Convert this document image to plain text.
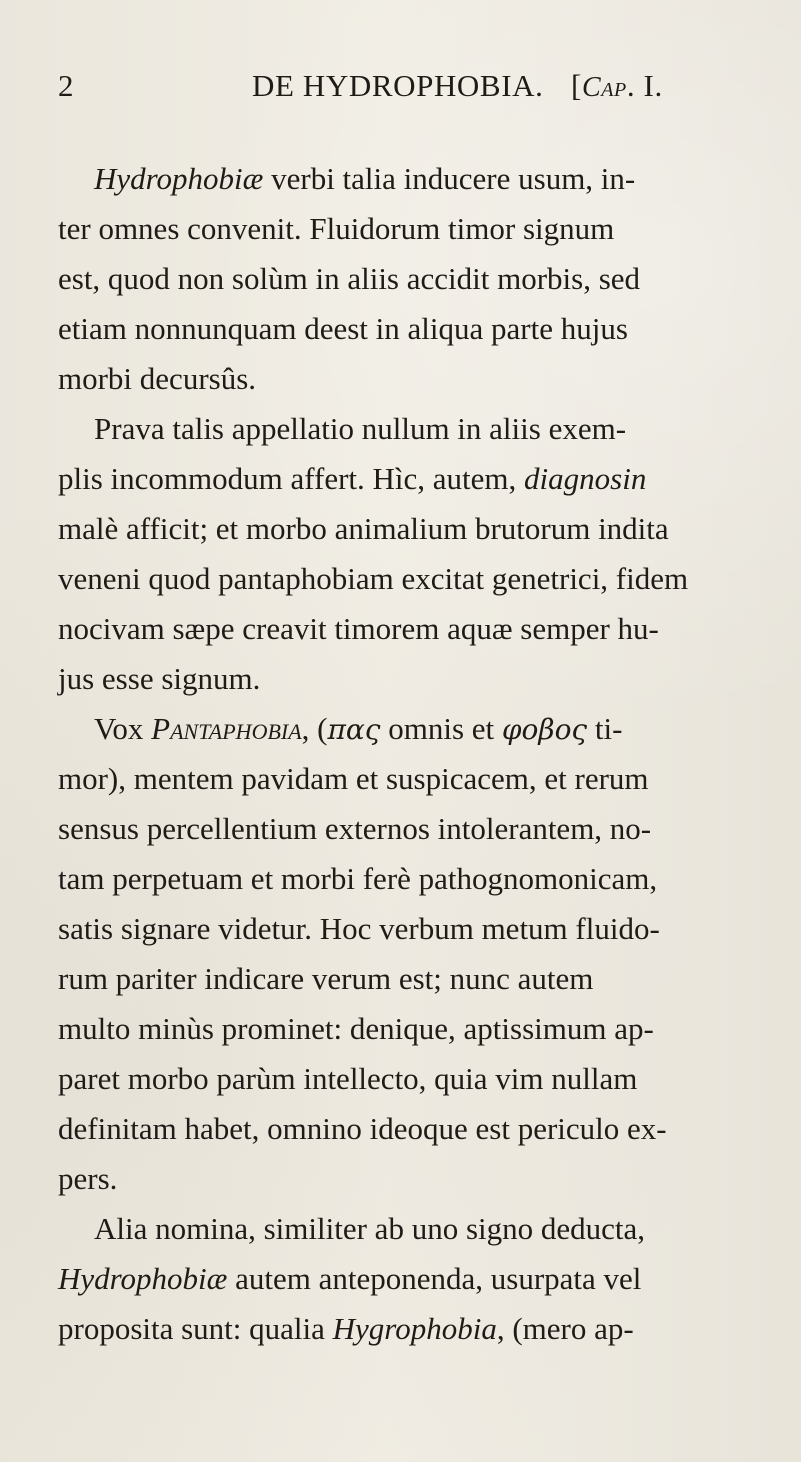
2	DE HYDROPHOBIA. [Cap. I.
Hydrophobiæ verbi talia inducere usum, in-
ter omnes convenit. Fluidorum timor signum
est, quod non solùm in aliis accidit morbis, sed
etiam nonnunquam deest in aliqua parte hujus
morbi decursûs.
Prava talis appellatio nullum in aliis exem-
plis incommodum affert. Hìc, autem, diagnosin
malè afficit; et morbo animalium brutorum indita
veneni quod pantaphobiam excitat genetrici, fidem
nocivam sæpe creavit timorem aquæ semper hu-
jus esse signum.
Vox Pantaphobia, (πας omnis et φοβος ti-
mor), mentem pavidam et suspicacem, et rerum
sensus percellentium externos intolerantem, no-
tam perpetuam et morbi ferè pathognomonicam,
satis signare videtur. Hoc verbum metum fluido-
rum pariter indicare verum est; nunc autem
multo minùs prominet: denique, aptissimum ap-
paret morbo parùm intellecto, quia vim nullam
definitam habet, omnino ideoque est periculo ex-
pers.
Alia nomina, similiter ab uno signo deducta,
Hydrophobiæ autem anteponenda, usurpata vel
proposita sunt: qualia Hygrophobia, (mero ap-
